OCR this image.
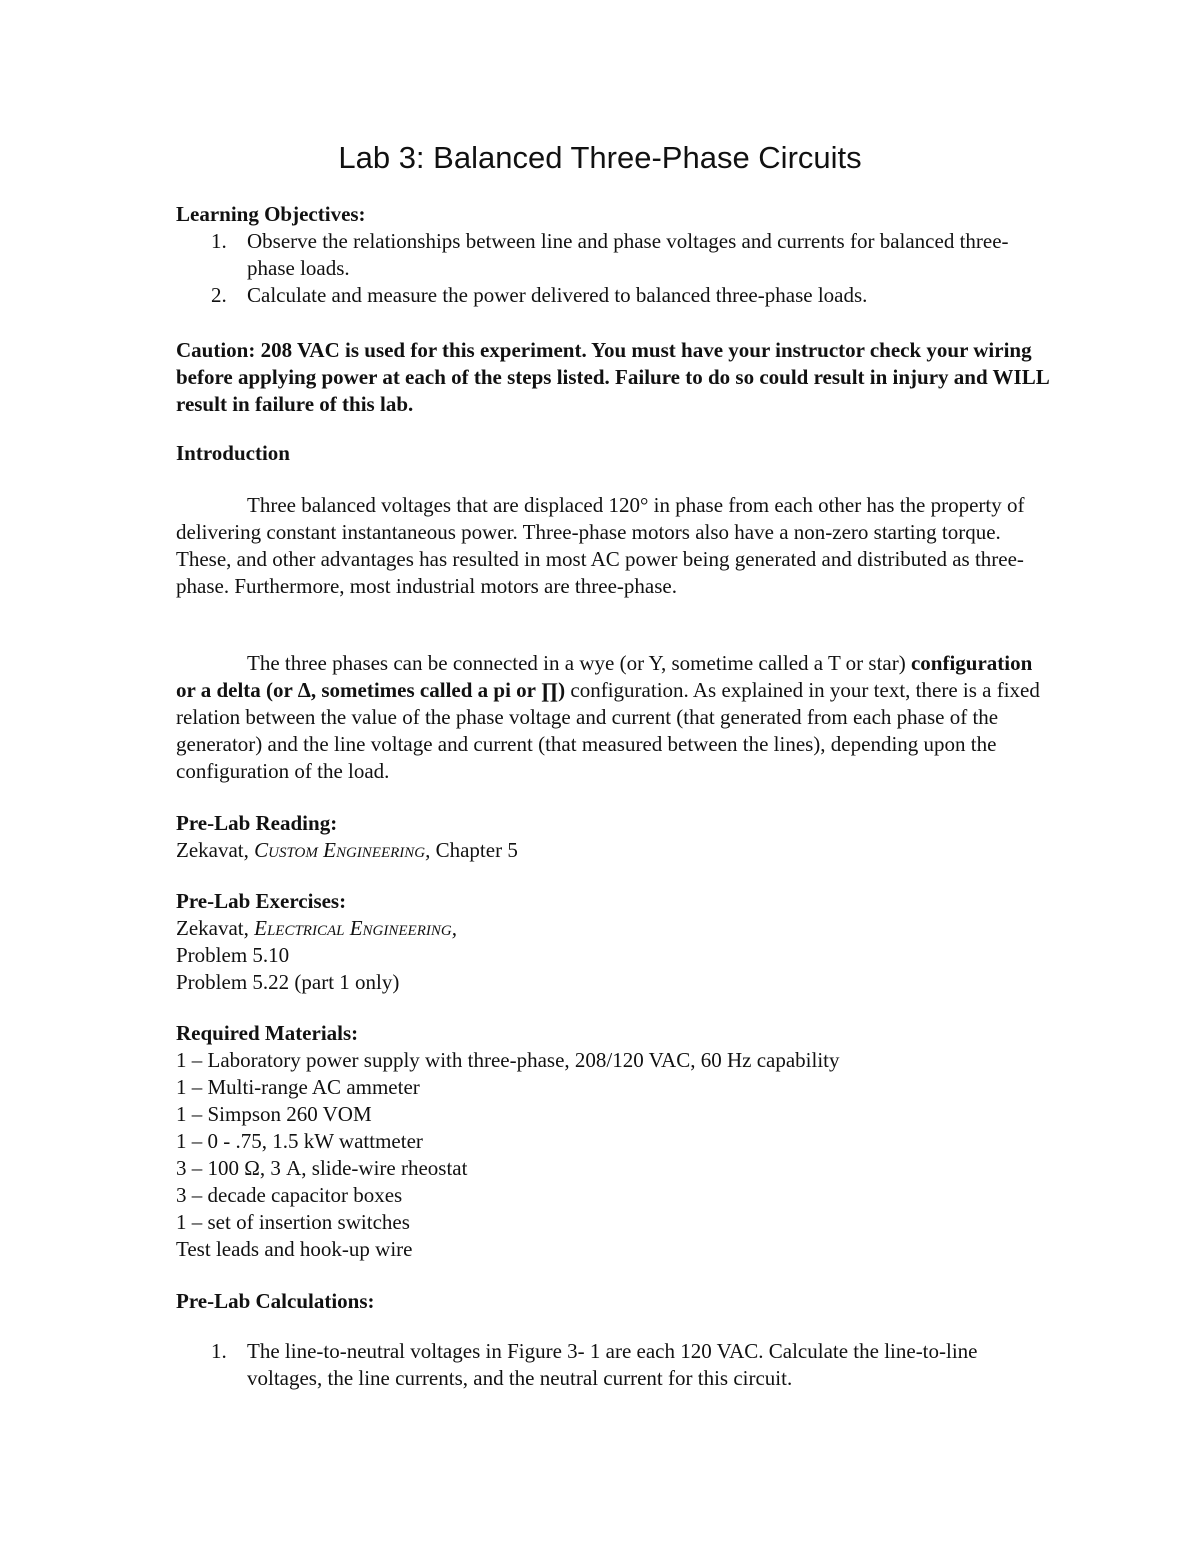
Lab 3: Balanced Three-Phase Circuits
Learning Objectives:
1. Observe the relationships between line and phase voltages and currents for balanced three-phase loads.
2. Calculate and measure the power delivered to balanced three-phase loads.
Caution: 208 VAC is used for this experiment. You must have your instructor check your wiring before applying power at each of the steps listed. Failure to do so could result in injury and WILL result in failure of this lab.
Introduction
Three balanced voltages that are displaced 120° in phase from each other has the property of delivering constant instantaneous power. Three-phase motors also have a non-zero starting torque. These, and other advantages has resulted in most AC power being generated and distributed as three-phase. Furthermore, most industrial motors are three-phase.
The three phases can be connected in a wye (or Y, sometime called a T or star) configuration or a delta (or Δ, sometimes called a pi or ∏) configuration. As explained in your text, there is a fixed relation between the value of the phase voltage and current (that generated from each phase of the generator) and the line voltage and current (that measured between the lines), depending upon the configuration of the load.
Pre-Lab Reading:
Zekavat, Custom Engineering, Chapter 5
Pre-Lab Exercises:
Zekavat, Electrical Engineering,
Problem 5.10
Problem 5.22 (part 1 only)
Required Materials:
1 – Laboratory power supply with three-phase, 208/120 VAC, 60 Hz capability
1 – Multi-range AC ammeter
1 – Simpson 260 VOM
1 – 0 - .75, 1.5 kW wattmeter
3 – 100 Ω, 3 A, slide-wire rheostat
3 – decade capacitor boxes
1 – set of insertion switches
Test leads and hook-up wire
Pre-Lab Calculations:
1. The line-to-neutral voltages in Figure 3- 1 are each 120 VAC. Calculate the line-to-line voltages, the line currents, and the neutral current for this circuit.
